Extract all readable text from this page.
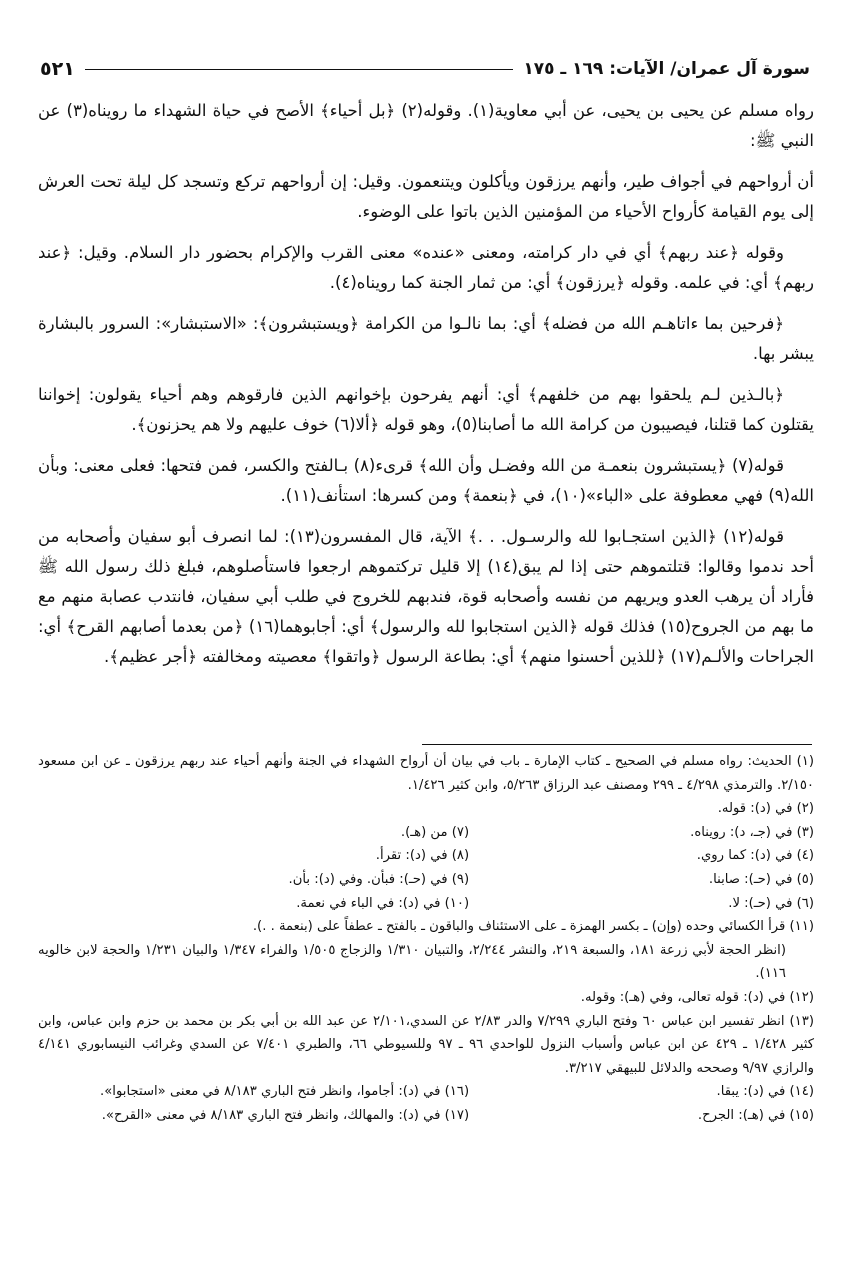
سورة آل عمران/ الآيات: ١٦٩ ـ ١٧٥
٥٢١

رواه مسلم عن يحيى بن يحيى، عن أبي معاوية(١). وقوله(٢) ﴿بل أحياء﴾ الأصح في حياة الشهداء ما رويناه(٣) عن النبي ﷺ:

أن أرواحهم في أجواف طير، وأنهم يرزقون ويأكلون ويتنعمون. وقيل: إن أرواحهم تركع وتسجد كل ليلة تحت العرش إلى يوم القيامة كأرواح الأحياء من المؤمنين الذين باتوا على الوضوء.

وقوله ﴿عند ربهم﴾ أي في دار كرامته، ومعنى «عنده» معنى القرب والإكرام بحضور دار السلام. وقيل: ﴿عند ربهم﴾ أي: في علمه. وقوله ﴿يرزقون﴾ أي: من ثمار الجنة كما رويناه(٤).

﴿فرحين بما ءاتاهـم الله من فضله﴾ أي: بما نالـوا من الكرامة ﴿ويستبشرون﴾: «الاستبشار»: السرور بالبشارة يبشر بها.

﴿بالـذين لـم يلحقوا بهم من خلفهم﴾ أي: أنهم يفرحون بإخوانهم الذين فارقوهم وهم أحياء يقولون: إخواننا يقتلون كما قتلنا، فيصيبون من كرامة الله ما أصابنا(٥)، وهو قوله ﴿ألا(٦) خوف عليهم ولا هم يحزنون﴾.

قوله(٧) ﴿يستبشرون بنعمـة من الله وفضـل وأن الله﴾ قرىء(٨) بـالفتح والكسر، فمن فتحها: فعلى معنى: وبأن الله(٩) فهي معطوفة على «الباء»(١٠)، في ﴿بنعمة﴾ ومن كسرها: استأنف(١١).

قوله(١٢) ﴿الذين استجـابوا لله والرسـول. . .﴾ الآية، قال المفسرون(١٣): لما انصرف أبو سفيان وأصحابه من أحد ندموا وقالوا: قتلتموهم حتى إذا لم يبق(١٤) إلا قليل تركتموهم ارجعوا فاستأصلوهم، فبلغ ذلك رسول الله ﷺ فأراد أن يرهب العدو ويريهم من نفسه وأصحابه قوة، فندبهم للخروج في طلب أبي سفيان، فانتدب عصابة منهم مع ما بهم من الجروح(١٥) فذلك قوله ﴿الذين استجابوا لله والرسول﴾ أي: أجابوهما(١٦) ﴿من بعدما أصابهم القرح﴾ أي: الجراحات والألـم(١٧) ﴿للذين أحسنوا منهم﴾ أي: بطاعة الرسول ﴿واتقوا﴾ معصيته ومخالفته ﴿أجر عظيم﴾.

(١) الحديث: رواه مسلم في الصحيح ـ كتاب الإمارة ـ باب في بيان أن أرواح الشهداء في الجنة وأنهم أحياء عند ربهم يرزقون ـ عن ابن مسعود ٢/١٥٠. والترمذي ٤/٢٩٨ ـ ٢٩٩ ومصنف عبد الرزاق ٥/٢٦٣، وابن كثير ١/٤٢٦.

(٢) في (د): قوله.

(٣) في (جـ، د): رويناه.
(٧) من (هـ).
(٤) في (د): كما روي.
(٨) في (د): تقرأ.
(٥) في (حـ): صابنا.
(٩) في (حـ): فبأن. وفي (د): بأن.
(٦) في (حـ): لا.
(١٠) في (د): في الباء في نعمة.

(١١) قرأ الكسائي وحده (وإن) ـ بكسر الهمزة ـ على الاستئناف والباقون ـ بالفتح ـ عطفاً على (بنعمة . .).

(انظر الحجة لأبي زرعة ١٨١، والسبعة ٢١٩، والنشر ٢/٢٤٤، والتبيان ١/٣١٠ والزجاج ١/٥٠٥ والفراء ١/٣٤٧ والبيان ١/٢٣١ والحجة لابن خالويه ١١٦).

(١٢) في (د): قوله تعالى، وفي (هـ): وقوله.

(١٣) انظر تفسير ابن عباس ٦٠ وفتح الباري ٧/٢٩٩ والدر ٢/٨٣ عن السدي،٢/١٠١ عن عبد الله بن أبي بكر بن محمد بن حزم وابن عباس، وابن كثير ١/٤٢٨ ـ ٤٢٩ عن ابن عباس وأسباب النزول للواحدي ٩٦ ـ ٩٧ وللسيوطي ٦٦، والطبري ٧/٤٠١ عن السدي وغرائب النيسابوري ٤/١٤١ والرازي ٩/٩٧ وصححه والدلائل للبيهقي ٣/٢١٧.

(١٤) في (د): يبقا.
(١٦) في (د): أجاموا، وانظر فتح الباري ٨/١٨٣ في معنى «استجابوا».
(١٥) في (هـ): الجرح.
(١٧) في (د): والمهالك، وانظر فتح الباري ٨/١٨٣ في معنى «القرح».
